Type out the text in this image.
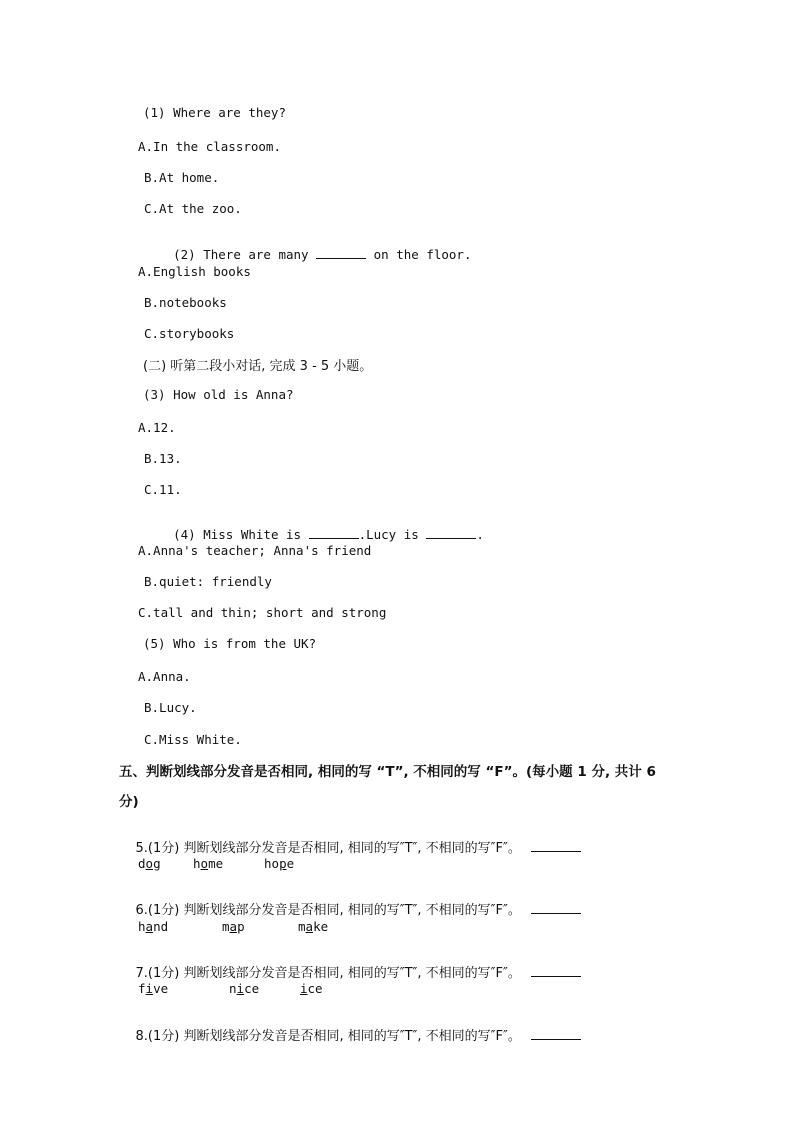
(1) Where are they?
A.In the classroom.
B.At home.
C.At the zoo.

(2) There are many	on the floor.

A.English books
B.notebooks
C.storybooks
(二) 听第二段小对话, 完成 3 - 5 小题。
(3) How old is Anna?
A.12.
B.13.
C.11.

(4) Miss White is	.Lucy is	.

A.Anna's teacher; Anna's friend
B.quiet: friendly
C.tall and thin; short and strong
(5) Who is from the UK?
A.Anna.
B.Lucy.
C.Miss White.
五、判断划线部分发音是否相同, 相同的写 “T”, 不相同的写 “F”。(每小题 1 分, 共计 6
分)

5.(1分) 判断划线部分发音是否相同, 相同的写″T″, 不相同的写″F″。

dog	home	hope

6.(1分) 判断划线部分发音是否相同, 相同的写″T″, 不相同的写″F″。

hand	map	make

7.(1分) 判断划线部分发音是否相同, 相同的写″T″, 不相同的写″F″。

five	nice	ice

8.(1分) 判断划线部分发音是否相同, 相同的写″T″, 不相同的写″F″。
